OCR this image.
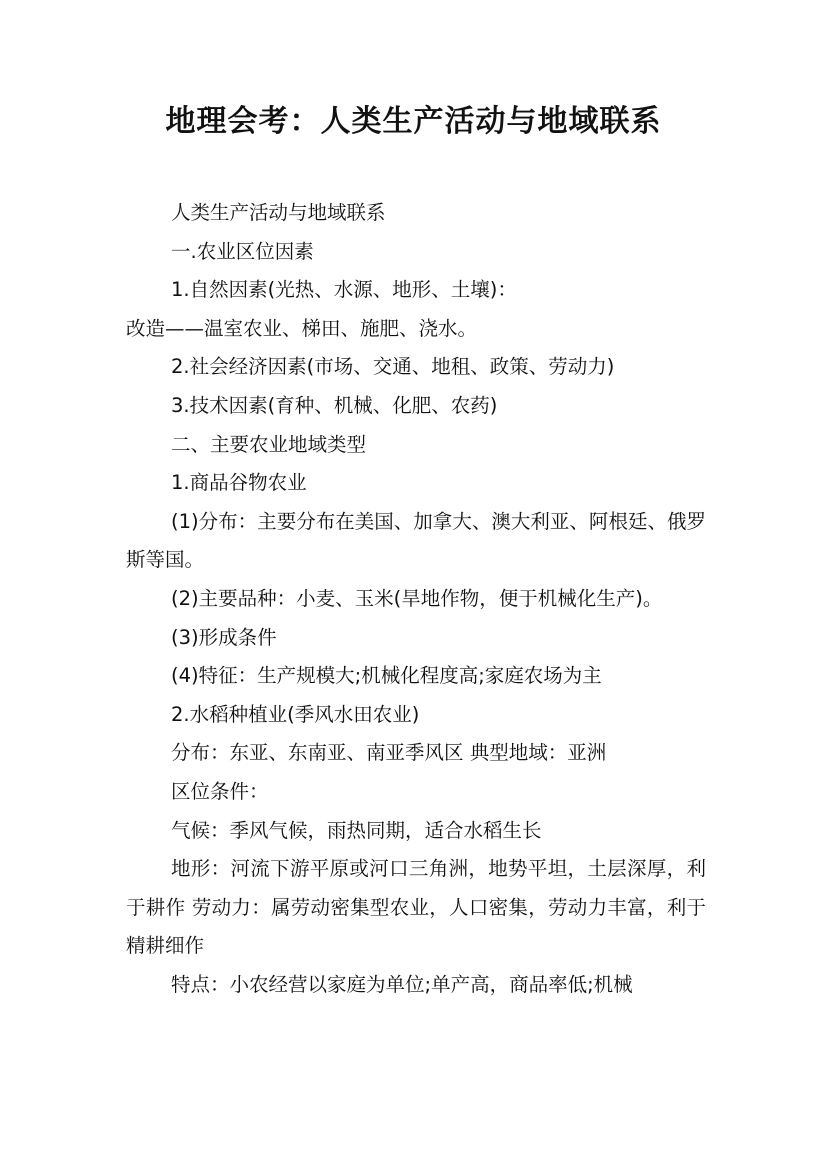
地理会考：人类生产活动与地域联系

人类生产活动与地域联系

一.农业区位因素

1.自然因素(光热、水源、地形、土壤)：

改造——温室农业、梯田、施肥、浇水。

2.社会经济因素(市场、交通、地租、政策、劳动力)

3.技术因素(育种、机械、化肥、农药)

二、主要农业地域类型

1.商品谷物农业

(1)分布：主要分布在美国、加拿大、澳大利亚、阿根廷、俄罗斯等国。

(2)主要品种：小麦、玉米(旱地作物，便于机械化生产)。

(3)形成条件

(4)特征：生产规模大;机械化程度高;家庭农场为主

2.水稻种植业(季风水田农业)

分布：东亚、东南亚、南亚季风区 典型地域：亚洲

区位条件：

气候：季风气候，雨热同期，适合水稻生长

地形：河流下游平原或河口三角洲，地势平坦，土层深厚，利于耕作 劳动力：属劳动密集型农业，人口密集，劳动力丰富，利于精耕细作

特点：小农经营以家庭为单位;单产高，商品率低;机械
